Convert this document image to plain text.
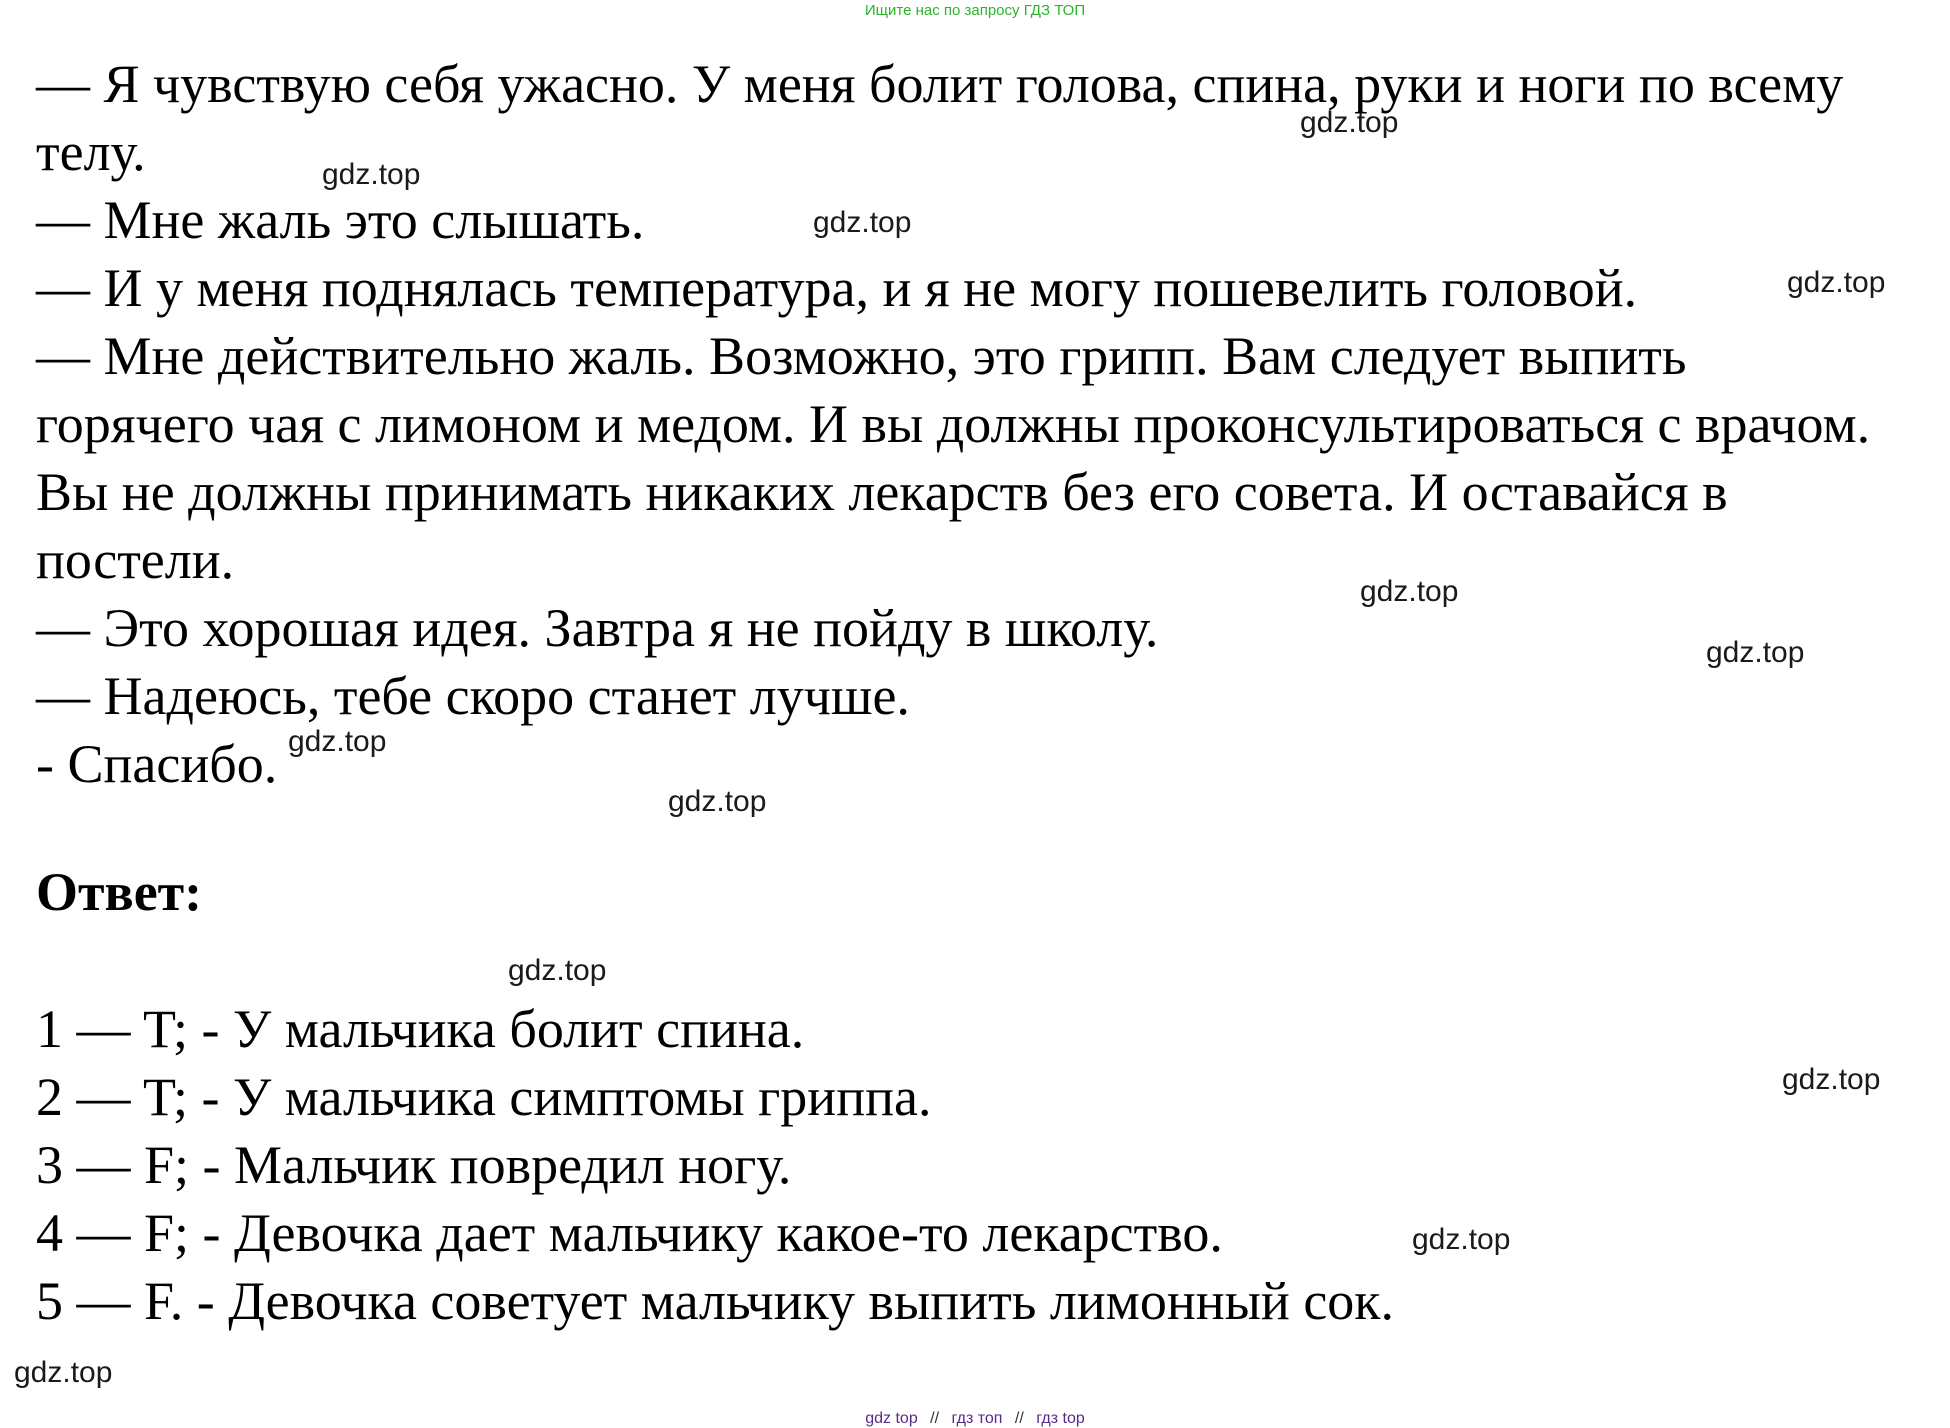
Ищите нас по запросу ГДЗ ТОП
— Я чувствую себя ужасно. У меня болит голова, спина, руки и ноги по всему телу.
— Мне жаль это слышать.
— И у меня поднялась температура, и я не могу пошевелить головой.
— Мне действительно жаль. Возможно, это грипп. Вам следует выпить горячего чая с лимоном и медом. И вы должны проконсультироваться с врачом. Вы не должны принимать никаких лекарств без его совета. И оставайся в постели.
— Это хорошая идея. Завтра я не пойду в школу.
— Надеюсь, тебе скоро станет лучше.
- Спасибо.
Ответ:
1 — T; - У мальчика болит спина.
2 — T; - У мальчика симптомы гриппа.
3 — F; - Мальчик повредил ногу.
4 — F; - Девочка дает мальчику какое-то лекарство.
5 — F. - Девочка советует мальчику выпить лимонный сок.
gdz.top
gdz.top
gdz.top
gdz.top
gdz.top
gdz.top
gdz.top
gdz.top
gdz.top
gdz.top
gdz.top
gdz.top
gdz top // гдз топ // гдз top
